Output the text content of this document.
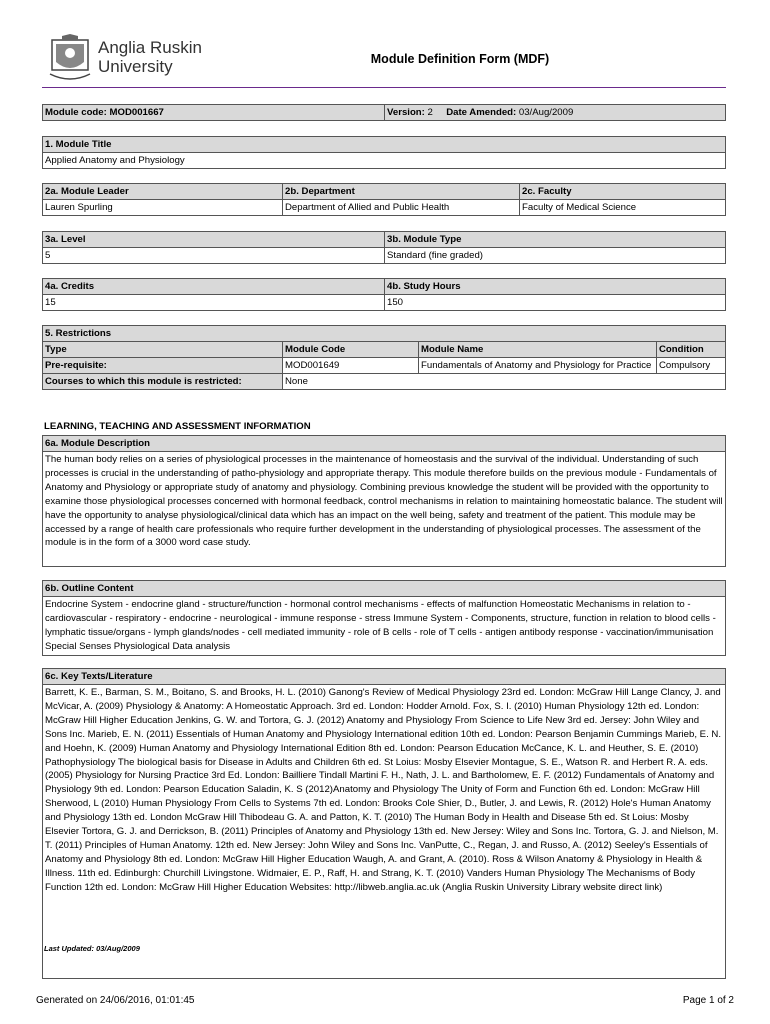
Anglia Ruskin
University	Module Definition Form (MDF)
Module code: MOD001667	Version: 2 Date Amended: 03/Aug/2009
1. Module Title
Applied Anatomy and Physiology
2a. Module Leader	2b. Department	2c. Faculty
Lauren Spurling	Department of Allied and Public Health	Faculty of Medical Science
3a. Level	3b. Module Type
5	Standard (fine graded)
4a. Credits	4b. Study Hours
15	150
5. Restrictions			
Type	Module Code	Module Name	Condition
Pre-requisite:	MOD001649	Fundamentals of Anatomy and Physiology for Practice	Compulsory
Courses to which this module is restricted:	None		
LEARNING, TEACHING AND ASSESSMENT INFORMATION
6a. Module Description
The human body relies on a series of physiological processes in the maintenance of homeostasis and the survival of the individual. Understanding of such processes is crucial in the understanding of patho-physiology and appropriate therapy. This module therefore builds on the previous module - Fundamentals of Anatomy and Physiology or appropriate study of anatomy and physiology. Combining previous knowledge the student will be provided with the opportunity to examine those physiological processes concerned with hormonal feedback, control mechanisms in relation to maintaining homeostatic balance. The student will have the opportunity to analyse physiological/clinical data which has an impact on the well being, safety and treatment of the patient. This module may be accessed by a range of health care professionals who require further development in the understanding of physiological processes. The assessment of the module is in the form of a 3000 word case study.
6b. Outline Content
Endocrine System - endocrine gland - structure/function - hormonal control mechanisms - effects of malfunction Homeostatic Mechanisms in relation to - cardiovascular - respiratory - endocrine - neurological - immune response - stress Immune System - Components, structure, function in relation to blood cells - lymphatic tissue/organs - lymph glands/nodes - cell mediated immunity - role of B cells - role of T cells - antigen antibody response - vaccination/immunisation Special Senses Physiological Data analysis
6c. Key Texts/Literature
Barrett, K. E., Barman, S. M., Boitano, S. and Brooks, H. L. (2010) Ganong's Review of Medical Physiology 23rd ed. London: McGraw Hill Lange Clancy, J. and McVicar, A. (2009) Physiology & Anatomy: A Homeostatic Approach. 3rd ed. London: Hodder Arnold. Fox, S. I. (2010) Human Physiology 12th ed. London: McGraw Hill Higher Education Jenkins, G. W. and Tortora, G. J. (2012) Anatomy and Physiology From Science to Life New 3rd ed. Jersey: John Wiley and Sons Inc. Marieb, E. N. (2011) Essentials of Human Anatomy and Physiology International edition 10th ed. London: Pearson Benjamin Cummings Marieb, E. N. and Hoehn, K. (2009) Human Anatomy and Physiology International Edition 8th ed. London: Pearson Education McCance, K. L. and Heuther, S. E. (2010) Pathophysiology The biological basis for Disease in Adults and Children 6th ed. St Loius: Mosby Elsevier Montague, S. E., Watson R. and Herbert R. A. eds. (2005) Physiology for Nursing Practice 3rd Ed. London: Bailliere Tindall Martini F. H., Nath, J. L. and Bartholomew, E. F. (2012) Fundamentals of Anatomy and Physiology 9th ed. London: Pearson Education Saladin, K. S (2012)Anatomy and Physiology The Unity of Form and Function 6th ed. London: McGraw Hill Sherwood, L (2010) Human Physiology From Cells to Systems 7th ed. London: Brooks Cole Shier, D., Butler, J. and Lewis, R. (2012) Hole's Human Anatomy and Physiology 13th ed. London McGraw Hill Thibodeau G. A. and Patton, K. T. (2010) The Human Body in Health and Disease 5th ed. St Loius: Mosby Elsevier Tortora, G. J. and Derrickson, B. (2011) Principles of Anatomy and Physiology 13th ed. New Jersey: Wiley and Sons Inc. Tortora, G. J. and Nielson, M. T. (2011) Principles of Human Anatomy. 12th ed. New Jersey: John Wiley and Sons Inc. VanPutte, C., Regan, J. and Russo, A. (2012) Seeley's Essentials of Anatomy and Physiology 8th ed. London: McGraw Hill Higher Education Waugh, A. and Grant, A. (2010). Ross & Wilson Anatomy & Physiology in Health & Illness. 11th ed. Edinburgh: Churchill Livingstone. Widmaier, E. P., Raff, H. and Strang, K. T. (2010) Vanders Human Physiology The Mechanisms of Body Function 12th ed. London: McGraw Hill Higher Education Websites: http://libweb.anglia.ac.uk (Anglia Ruskin University Library website direct link)
Last Updated: 03/Aug/2009
Generated on 24/06/2016, 01:01:45	Page 1 of 2
